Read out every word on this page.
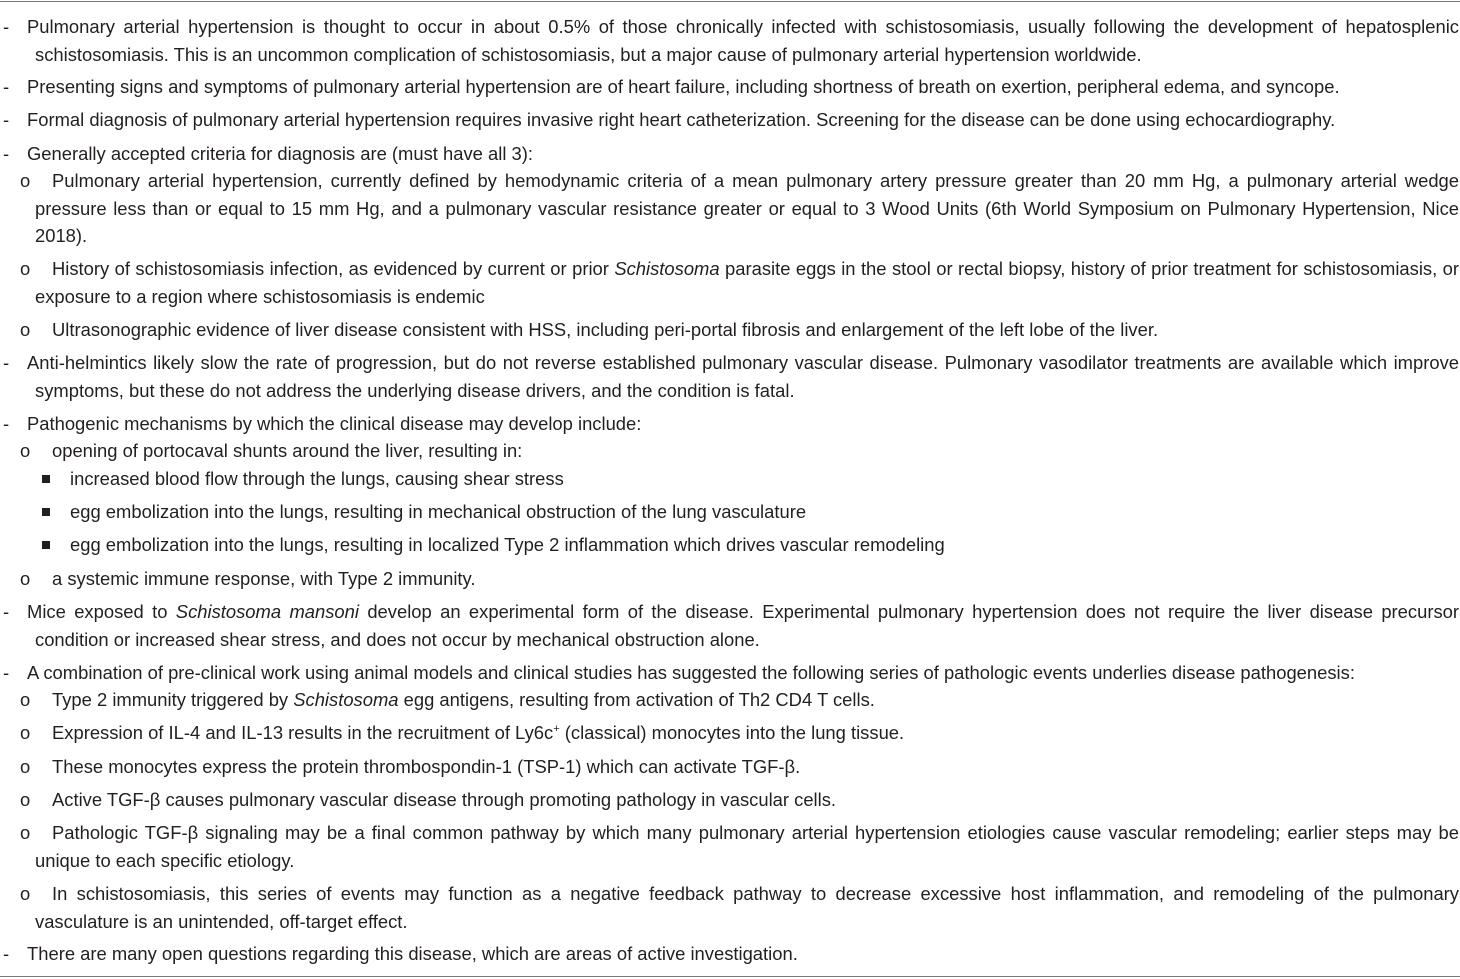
- Pulmonary arterial hypertension is thought to occur in about 0.5% of those chronically infected with schistosomiasis, usually following the development of hepatosplenic schistosomiasis. This is an uncommon complication of schistosomiasis, but a major cause of pulmonary arterial hypertension worldwide.
- Presenting signs and symptoms of pulmonary arterial hypertension are of heart failure, including shortness of breath on exertion, peripheral edema, and syncope.
- Formal diagnosis of pulmonary arterial hypertension requires invasive right heart catheterization. Screening for the disease can be done using echocardiography.
- Generally accepted criteria for diagnosis are (must have all 3):
o	Pulmonary arterial hypertension, currently defined by hemodynamic criteria of a mean pulmonary artery pressure greater than 20 mm Hg, a pulmonary arterial wedge pressure less than or equal to 15 mm Hg, and a pulmonary vascular resistance greater or equal to 3 Wood Units (6th World Symposium on Pulmonary Hypertension, Nice 2018).
o	History of schistosomiasis infection, as evidenced by current or prior Schistosoma parasite eggs in the stool or rectal biopsy, history of prior treatment for schistosomiasis, or exposure to a region where schistosomiasis is endemic
o	Ultrasonographic evidence of liver disease consistent with HSS, including peri-portal fibrosis and enlargement of the left lobe of the liver.
- Anti-helmintics likely slow the rate of progression, but do not reverse established pulmonary vascular disease. Pulmonary vasodilator treatments are available which improve symptoms, but these do not address the underlying disease drivers, and the condition is fatal.
- Pathogenic mechanisms by which the clinical disease may develop include:
o	opening of portocaval shunts around the liver, resulting in:
increased blood flow through the lungs, causing shear stress
egg embolization into the lungs, resulting in mechanical obstruction of the lung vasculature
egg embolization into the lungs, resulting in localized Type 2 inflammation which drives vascular remodeling
o	a systemic immune response, with Type 2 immunity.
- Mice exposed to Schistosoma mansoni develop an experimental form of the disease. Experimental pulmonary hypertension does not require the liver disease precursor condition or increased shear stress, and does not occur by mechanical obstruction alone.
- A combination of pre-clinical work using animal models and clinical studies has suggested the following series of pathologic events underlies disease pathogenesis:
o	Type 2 immunity triggered by Schistosoma egg antigens, resulting from activation of Th2 CD4 T cells.
o	Expression of IL-4 and IL-13 results in the recruitment of Ly6c+ (classical) monocytes into the lung tissue.
o	These monocytes express the protein thrombospondin-1 (TSP-1) which can activate TGF-β.
o	Active TGF-β causes pulmonary vascular disease through promoting pathology in vascular cells.
o	Pathologic TGF-β signaling may be a final common pathway by which many pulmonary arterial hypertension etiologies cause vascular remodeling; earlier steps may be unique to each specific etiology.
o	In schistosomiasis, this series of events may function as a negative feedback pathway to decrease excessive host inflammation, and remodeling of the pulmonary vasculature is an unintended, off-target effect.
- There are many open questions regarding this disease, which are areas of active investigation.
